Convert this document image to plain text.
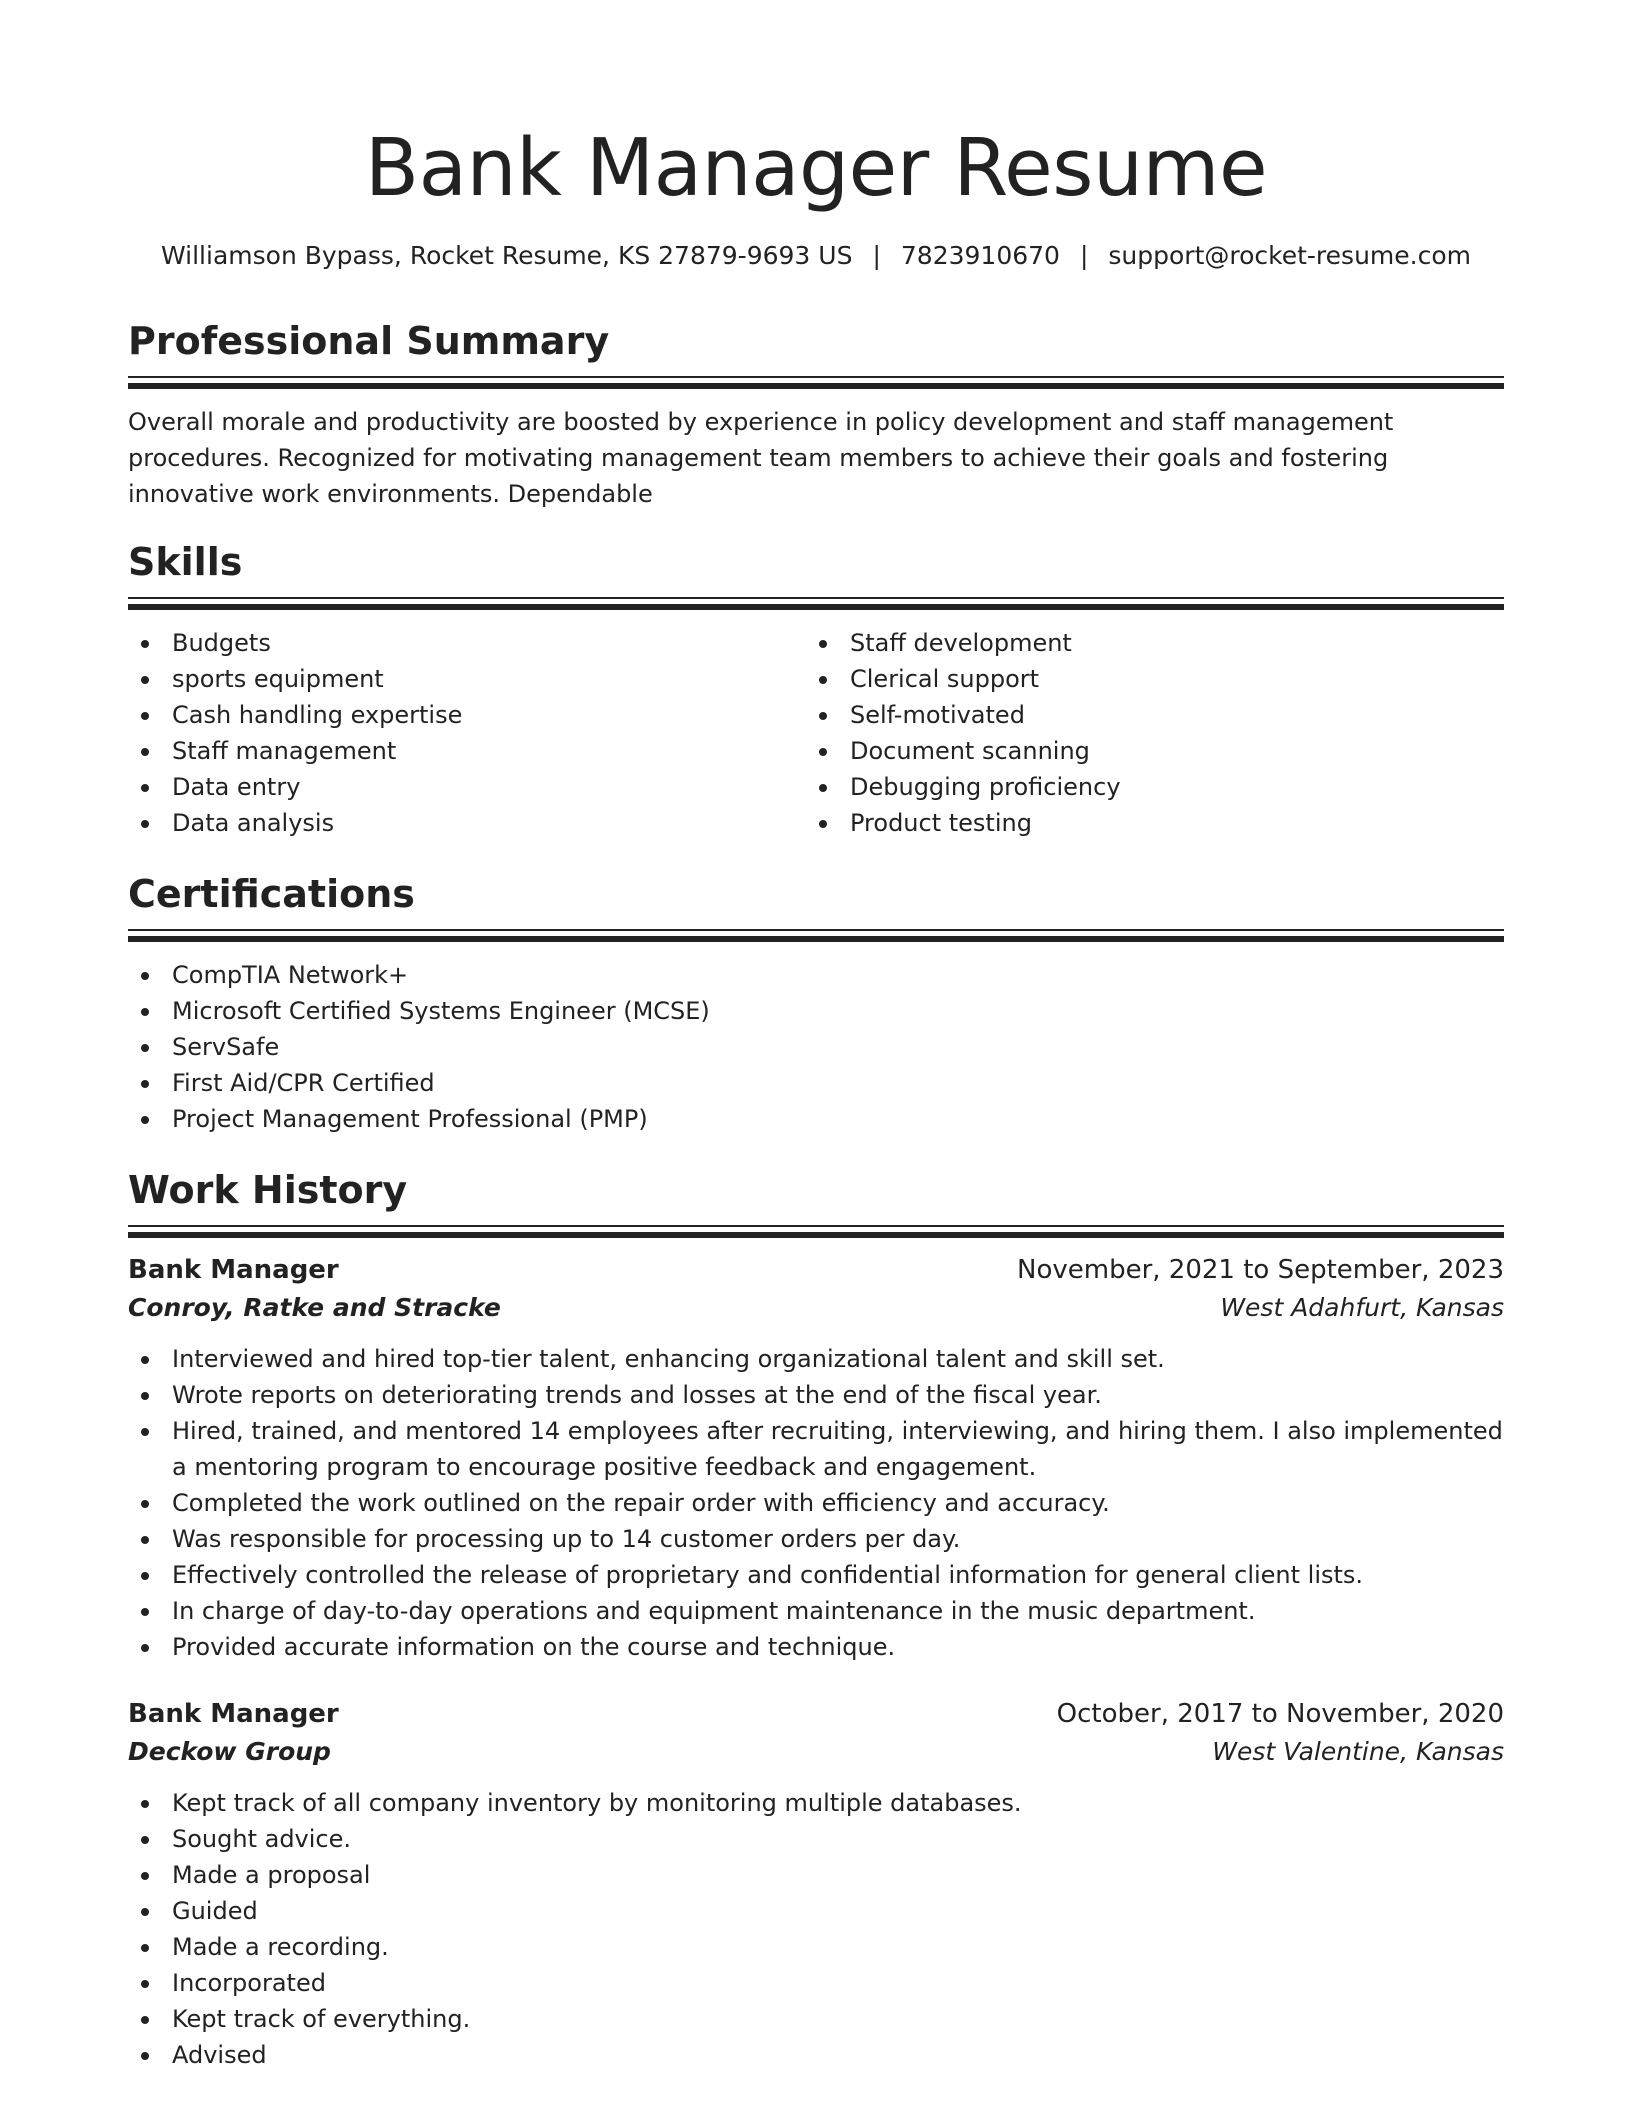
Bank Manager Resume
Williamson Bypass, Rocket Resume, KS 27879-9693 US | 7823910670 | support@rocket-resume.com
Professional Summary

Overall morale and productivity are boosted by experience in policy development and staff management procedures. Recognized for motivating management team members to achieve their goals and fostering innovative work environments. Dependable

Skills
Budgets
sports equipment
Cash handling expertise
Staff management
Data entry
Data analysis
Staff development
Clerical support
Self-motivated
Document scanning
Debugging proficiency
Product testing
Certifications
CompTIA Network+
Microsoft Certified Systems Engineer (MCSE)
ServSafe
First Aid/CPR Certified
Project Management Professional (PMP)
Work History
Bank Manager	November, 2021 to September, 2023
Conroy, Ratke and Stracke	West Adahfurt, Kansas
Interviewed and hired top-tier talent, enhancing organizational talent and skill set.
Wrote reports on deteriorating trends and losses at the end of the fiscal year.
Hired, trained, and mentored 14 employees after recruiting, interviewing, and hiring them. I also implemented a mentoring program to encourage positive feedback and engagement.
Completed the work outlined on the repair order with efficiency and accuracy.
Was responsible for processing up to 14 customer orders per day.
Effectively controlled the release of proprietary and confidential information for general client lists.
In charge of day-to-day operations and equipment maintenance in the music department.
Provided accurate information on the course and technique.
Bank Manager	October, 2017 to November, 2020
Deckow Group	West Valentine, Kansas
Kept track of all company inventory by monitoring multiple databases.
Sought advice.
Made a proposal
Guided
Made a recording.
Incorporated
Kept track of everything.
Advised
